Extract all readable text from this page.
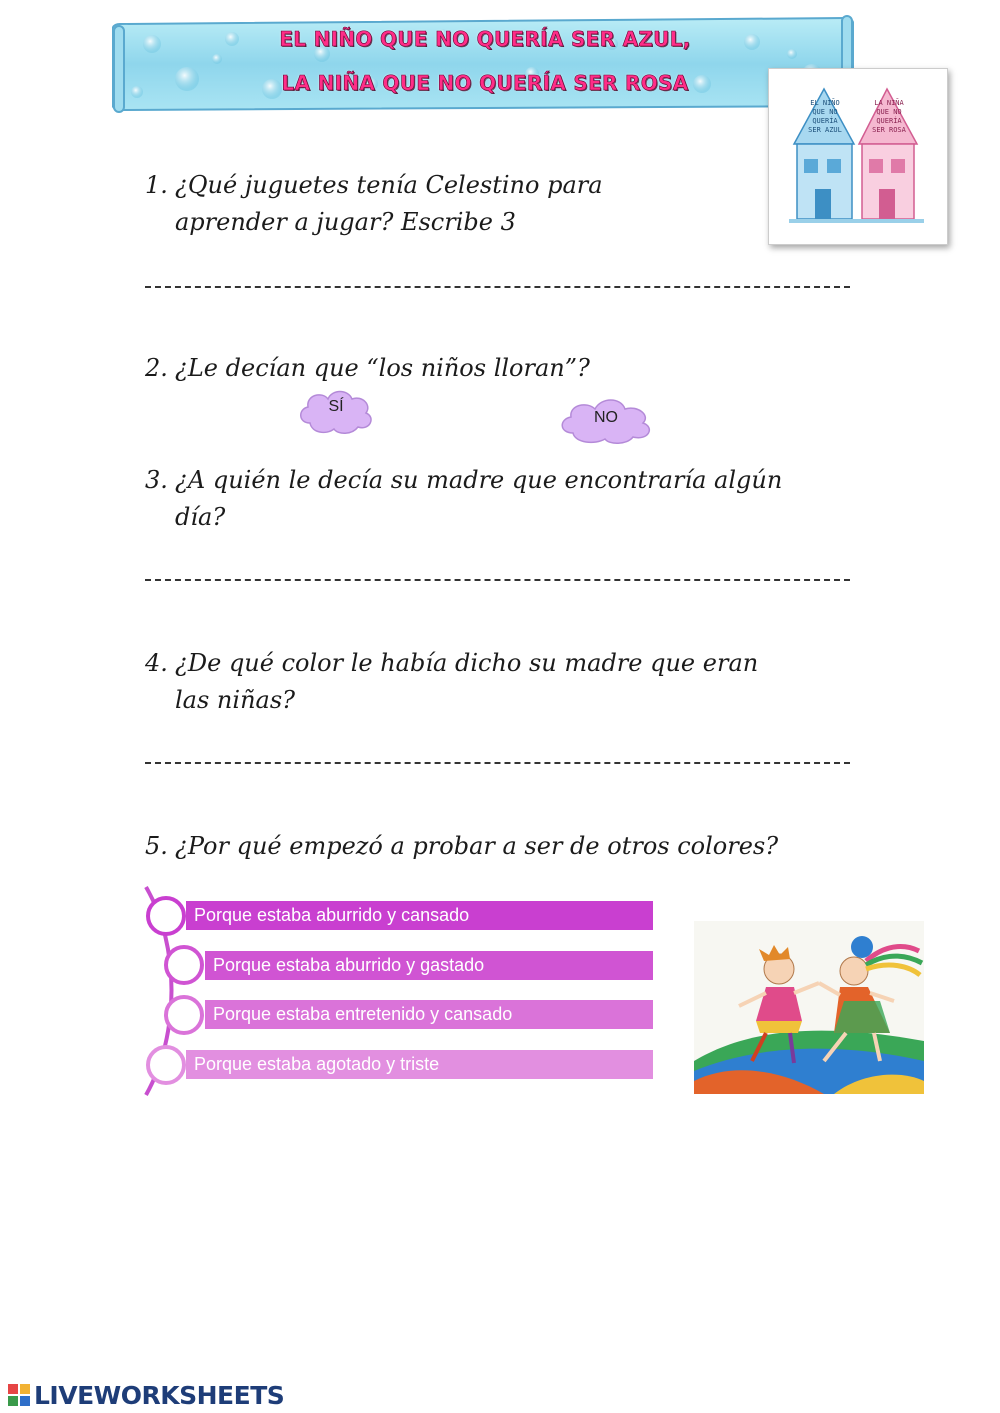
EL NIÑO QUE NO QUERÍA SER AZUL,
LA NIÑA QUE NO QUERÍA SER ROSA
EL NIÑO QUE NO QUERÍA SER AZUL
LA NIÑA QUE NO QUERÍA SER ROSA
1. ¿Qué juguetes tenía Celestino para
aprender a jugar? Escribe 3
2. ¿Le decían que “los niños lloran”?
SÍ
NO
3. ¿A quién le decía su madre que encontraría algún
día?
4. ¿De qué color le había dicho su madre que eran
las niñas?
5. ¿Por qué empezó a probar a ser de otros colores?
Porque estaba aburrido y cansado
Porque estaba aburrido y gastado
Porque estaba entretenido y cansado
Porque estaba agotado y triste
LIVEWORKSHEETS
